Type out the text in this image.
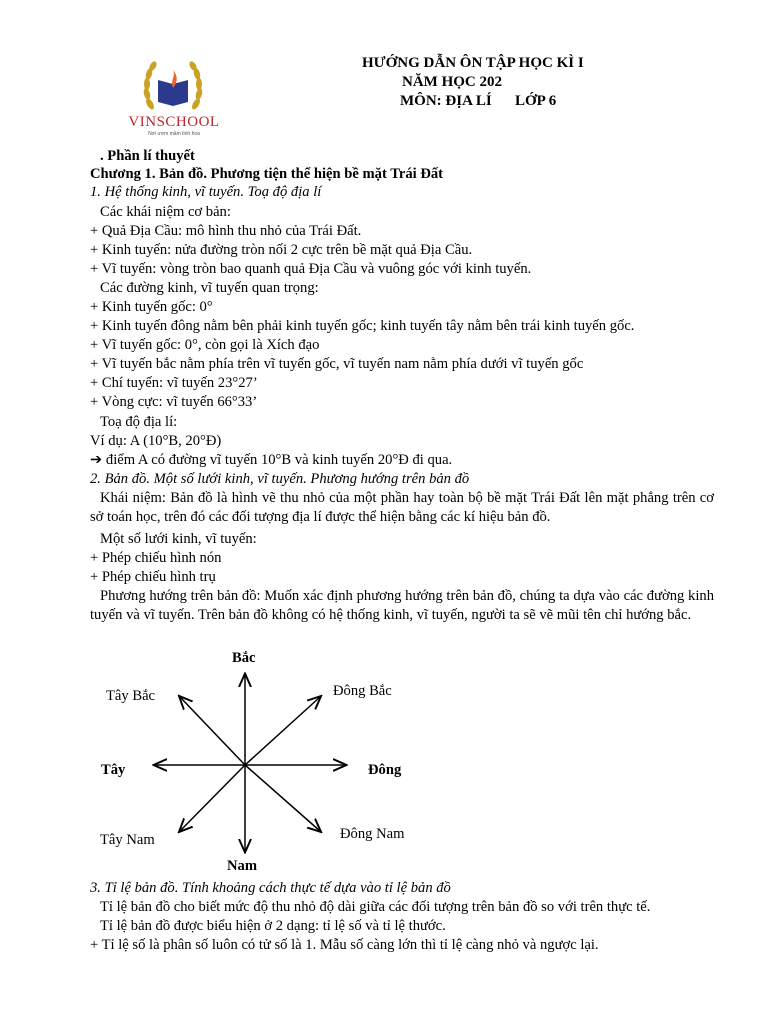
VINSCHOOL
Nơi ươm mầm tinh hoa
HƯỚNG DẪN ÔN TẬP HỌC KÌ I
NĂM HỌC 202
MÔN: ĐỊA LÍ LỚP 6
. Phần lí thuyết
Chương 1. Bản đồ. Phương tiện thể hiện bề mặt Trái Đất
1. Hệ thống kinh, vĩ tuyến. Toạ độ địa lí
Các khái niệm cơ bản:
+ Quả Địa Cầu: mô hình thu nhỏ của Trái Đất.
+ Kinh tuyến: nửa đường tròn nối 2 cực trên bề mặt quả Địa Cầu.
+ Vĩ tuyến: vòng tròn bao quanh quả Địa Cầu và vuông góc với kinh tuyến.
Các đường kinh, vĩ tuyến quan trọng:
+ Kinh tuyến gốc: 0°
+ Kinh tuyến đông nằm bên phải kinh tuyến gốc; kinh tuyến tây nằm bên trái kinh tuyến gốc.
+ Vĩ tuyến gốc: 0°, còn gọi là Xích đạo
+ Vĩ tuyến bắc nằm phía trên vĩ tuyến gốc, vĩ tuyến nam nằm phía dưới vĩ tuyến gốc
+ Chí tuyến: vĩ tuyến 23°27’
+ Vòng cực: vĩ tuyến 66°33’
Toạ độ địa lí:
Ví dụ: A (10°B, 20°Đ)
➔ điểm A có đường vĩ tuyến 10°B và kinh tuyến 20°Đ đi qua.
2. Bản đồ. Một số lưới kinh, vĩ tuyến. Phương hướng trên bản đồ
Khái niệm: Bản đồ là hình vẽ thu nhỏ của một phần hay toàn bộ bề mặt Trái Đất lên mặt phẳng trên cơ sở toán học, trên đó các đối tượng địa lí được thể hiện bằng các kí hiệu bản đồ.
Một số lưới kinh, vĩ tuyến:
+ Phép chiếu hình nón
+ Phép chiếu hình trụ
Phương hướng trên bản đồ: Muốn xác định phương hướng trên bản đồ, chúng ta dựa vào các đường kinh tuyến và vĩ tuyến. Trên bản đồ không có hệ thống kinh, vĩ tuyến, người ta sẽ vẽ mũi tên chỉ hướng bắc.
Bắc
Nam
Đông
Tây
Đông Bắc
Tây Bắc
Đông Nam
Tây Nam
3. Tỉ lệ bản đồ. Tính khoảng cách thực tế dựa vào tỉ lệ bản đồ
Tỉ lệ bản đồ cho biết mức độ thu nhỏ độ dài giữa các đối tượng trên bản đồ so với trên thực tế.
Tỉ lệ bản đồ được biểu hiện ở 2 dạng: tỉ lệ số và tỉ lệ thước.
+ Tỉ lệ số là phân số luôn có tử số là 1. Mẫu số càng lớn thì tỉ lệ càng nhỏ và ngược lại.
